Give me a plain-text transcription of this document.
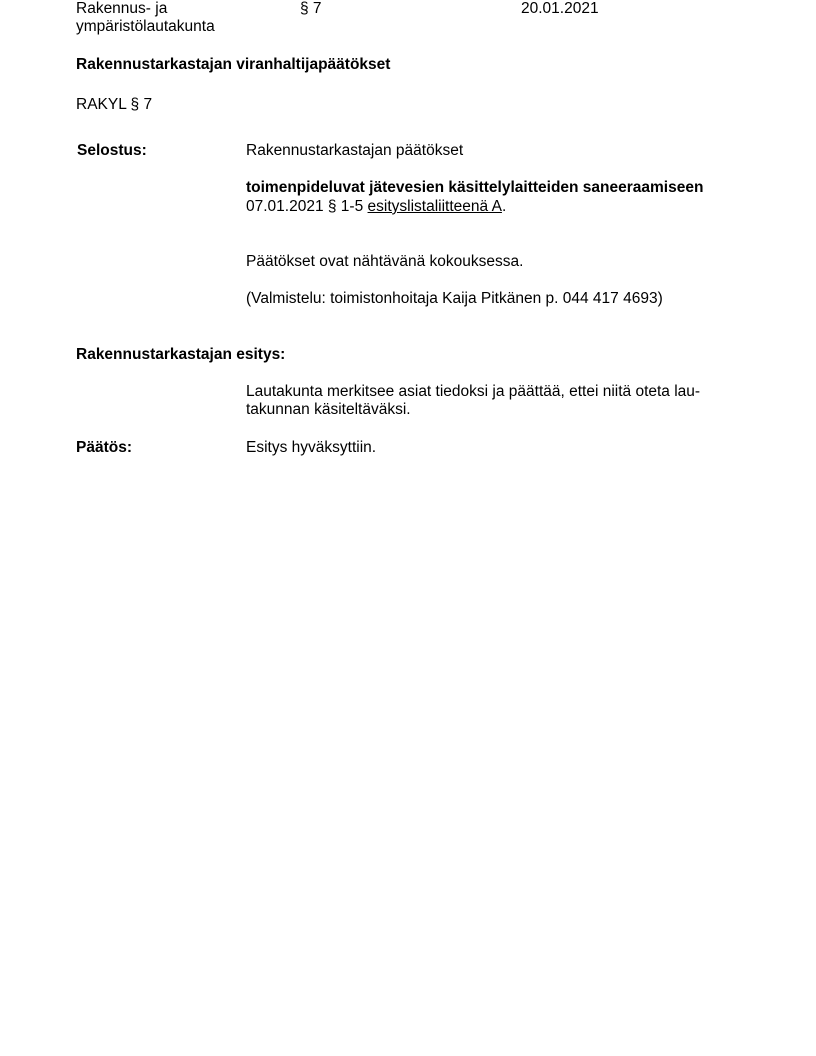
Rakennus- ja
ympäristölautakunta
§ 7	20.01.2021
Rakennustarkastajan viranhaltijapäätökset
RAKYL § 7
Selostus:	Rakennustarkastajan päätökset
toimenpideluvat jätevesien käsittelylaitteiden saneeraamiseen
07.01.2021 § 1-5 esityslistaliitteenä A.
Päätökset ovat nähtävänä kokouksessa.
(Valmistelu: toimistonhoitaja Kaija Pitkänen p. 044 417 4693)
Rakennustarkastajan esitys:
Lautakunta merkitsee asiat tiedoksi ja päättää, ettei niitä oteta lau-
takunnan käsiteltäväksi.
Päätös:	Esitys hyväksyttiin.
